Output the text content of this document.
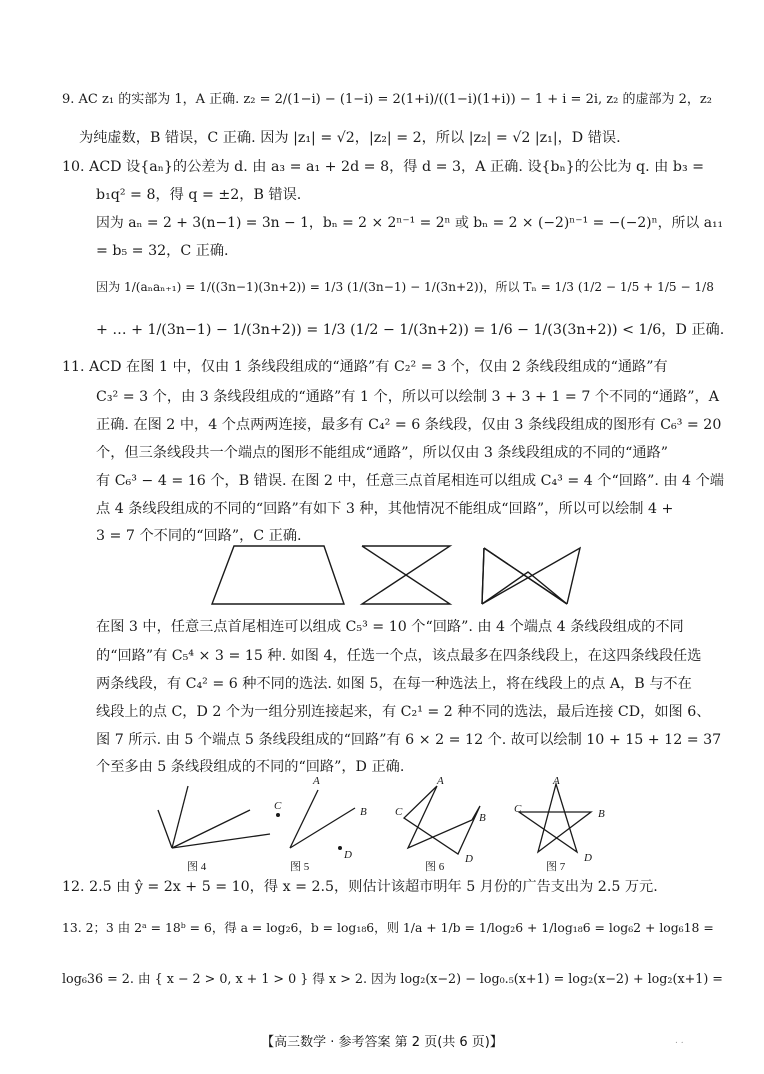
9. AC z₁ 的实部为 1，A 正确. z₂ = 2/(1−i) − (1−i) = 2(1+i)/((1−i)(1+i)) − 1 + i = 2i, z₂ 的虚部为 2，z₂
为纯虚数，B 错误，C 正确. 因为 |z₁| = √2，|z₂| = 2，所以 |z₂| = √2 |z₁|，D 错误.
10. ACD 设{aₙ}的公差为 d. 由 a₃ = a₁ + 2d = 8，得 d = 3，A 正确. 设{bₙ}的公比为 q. 由 b₃ =
b₁q² = 8，得 q = ±2，B 错误.
因为 aₙ = 2 + 3(n−1) = 3n − 1，bₙ = 2 × 2ⁿ⁻¹ = 2ⁿ 或 bₙ = 2 × (−2)ⁿ⁻¹ = −(−2)ⁿ，所以 a₁₁
= b₅ = 32，C 正确.
因为 1/(aₙaₙ₊₁) = 1/((3n−1)(3n+2)) = 1/3 (1/(3n−1) − 1/(3n+2))，所以 Tₙ = 1/3 (1/2 − 1/5 + 1/5 − 1/8
+ … + 1/(3n−1) − 1/(3n+2)) = 1/3 (1/2 − 1/(3n+2)) = 1/6 − 1/(3(3n+2)) < 1/6，D 正确.
11. ACD 在图 1 中，仅由 1 条线段组成的“通路”有 C₂² = 3 个，仅由 2 条线段组成的“通路”有
C₃² = 3 个，由 3 条线段组成的“通路”有 1 个，所以可以绘制 3 + 3 + 1 = 7 个不同的“通路”，A
正确. 在图 2 中，4 个点两两连接，最多有 C₄² = 6 条线段，仅由 3 条线段组成的图形有 C₆³ = 20
个，但三条线段共一个端点的图形不能组成“通路”，所以仅由 3 条线段组成的不同的“通路”
有 C₆³ − 4 = 16 个，B 错误. 在图 2 中，任意三点首尾相连可以组成 C₄³ = 4 个“回路”. 由 4 个端
点 4 条线段组成的不同的“回路”有如下 3 种，其他情况不能组成“回路”，所以可以绘制 4 +
3 = 7 个不同的“回路”，C 正确.
在图 3 中，任意三点首尾相连可以组成 C₅³ = 10 个“回路”. 由 4 个端点 4 条线段组成的不同
的“回路”有 C₅⁴ × 3 = 15 种. 如图 4，任选一个点，该点最多在四条线段上，在这四条线段任选
两条线段，有 C₄² = 6 种不同的选法. 如图 5，在每一种选法上，将在线段上的点 A，B 与不在
线段上的点 C，D 2 个为一组分别连接起来，有 C₂¹ = 2 种不同的选法，最后连接 CD，如图 6、
图 7 所示. 由 5 个端点 5 条线段组成的“回路”有 6 × 2 = 12 个. 故可以绘制 10 + 15 + 12 = 37
个至多由 5 条线段组成的不同的“回路”，D 正确.
A
B
C
D
A
B
C
D
A
B
C
D
图 4	图 5	图 6	图 7
12. 2.5 由 ŷ = 2x + 5 = 10，得 x = 2.5，则估计该超市明年 5 月份的广告支出为 2.5 万元.
13. 2；3 由 2ᵃ = 18ᵇ = 6，得 a = log₂6，b = log₁₈6，则 1/a + 1/b = 1/log₂6 + 1/log₁₈6 = log₆2 + log₆18 =
log₆36 = 2. 由 { x − 2 > 0, x + 1 > 0 } 得 x > 2. 因为 log₂(x−2) − log₀.₅(x+1) = log₂(x−2) + log₂(x+1) =
【高三数学 · 参考答案 第 2 页(共 6 页)】	. .
